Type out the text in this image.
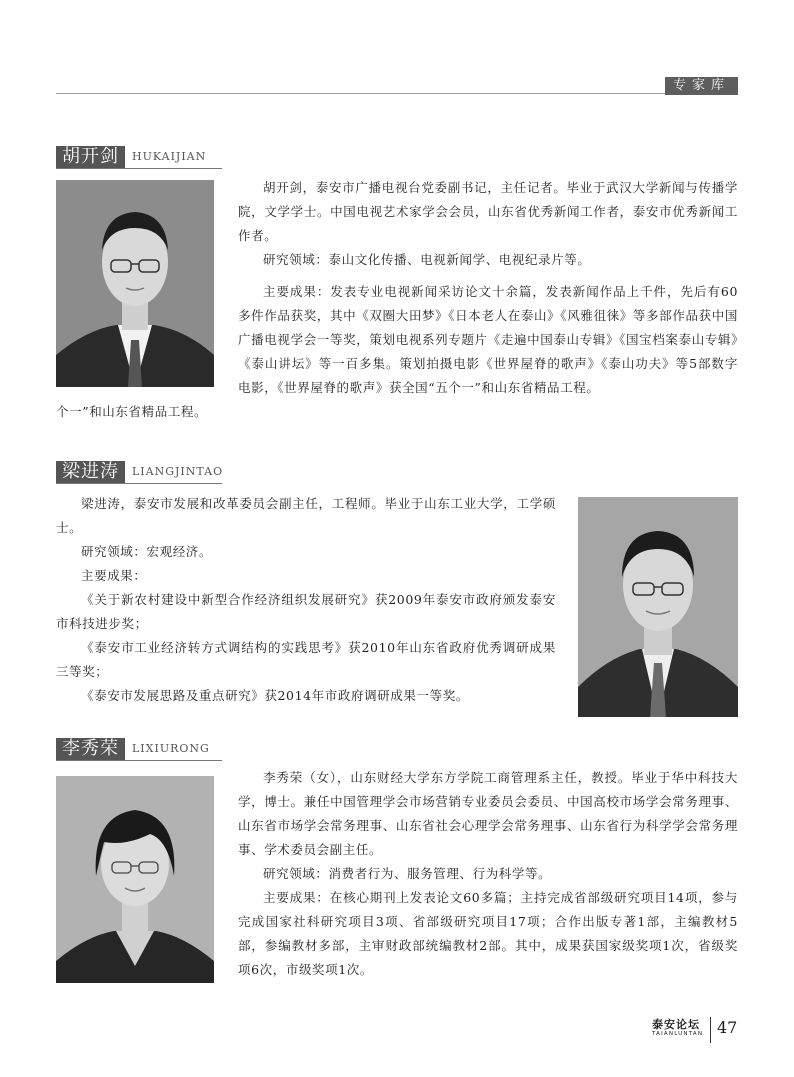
专家库
胡开剑	HUKAIJIAN

胡开剑，泰安市广播电视台党委副书记，主任记者。毕业于武汉大学新闻与传播学院，文学学士。中国电视艺术家学会会员，山东省优秀新闻工作者，泰安市优秀新闻工作者。

研究领域：泰山文化传播、电视新闻学、电视纪录片等。

主要成果：发表专业电视新闻采访论文十余篇，发表新闻作品上千件，先后有60多件作品获奖，其中《双圈大田梦》《日本老人在泰山》《风雅徂徕》等多部作品获中国广播电视学会一等奖，策划电视系列专题片《走遍中国泰山专辑》《国宝档案泰山专辑》《泰山讲坛》等一百多集。策划拍摄电影《世界屋脊的歌声》《泰山功夫》等5部数字电影，《世界屋脊的歌声》获全国“五个一”和山东省精品工程。

个一”和山东省精品工程。

梁进涛	LIANGJINTAO

梁进涛，泰安市发展和改革委员会副主任，工程师。毕业于山东工业大学，工学硕士。

研究领域：宏观经济。

主要成果：

《关于新农村建设中新型合作经济组织发展研究》获2009年泰安市政府颁发泰安市科技进步奖；

《泰安市工业经济转方式调结构的实践思考》获2010年山东省政府优秀调研成果三等奖；

《泰安市发展思路及重点研究》获2014年市政府调研成果一等奖。

李秀荣	LIXIURONG

李秀荣（女），山东财经大学东方学院工商管理系主任，教授。毕业于华中科技大学，博士。兼任中国管理学会市场营销专业委员会委员、中国高校市场学会常务理事、山东省市场学会常务理事、山东省社会心理学会常务理事、山东省行为科学学会常务理事、学术委员会副主任。

研究领域：消费者行为、服务管理、行为科学等。

主要成果：在核心期刊上发表论文60多篇；主持完成省部级研究项目14项，参与完成国家社科研究项目3项、省部级研究项目17项；合作出版专著1部，主编教材5部，参编教材多部，主审财政部统编教材2部。其中，成果获国家级奖项1次，省级奖项6次，市级奖项1次。

泰安论坛
TAIANLUNTAN 47
